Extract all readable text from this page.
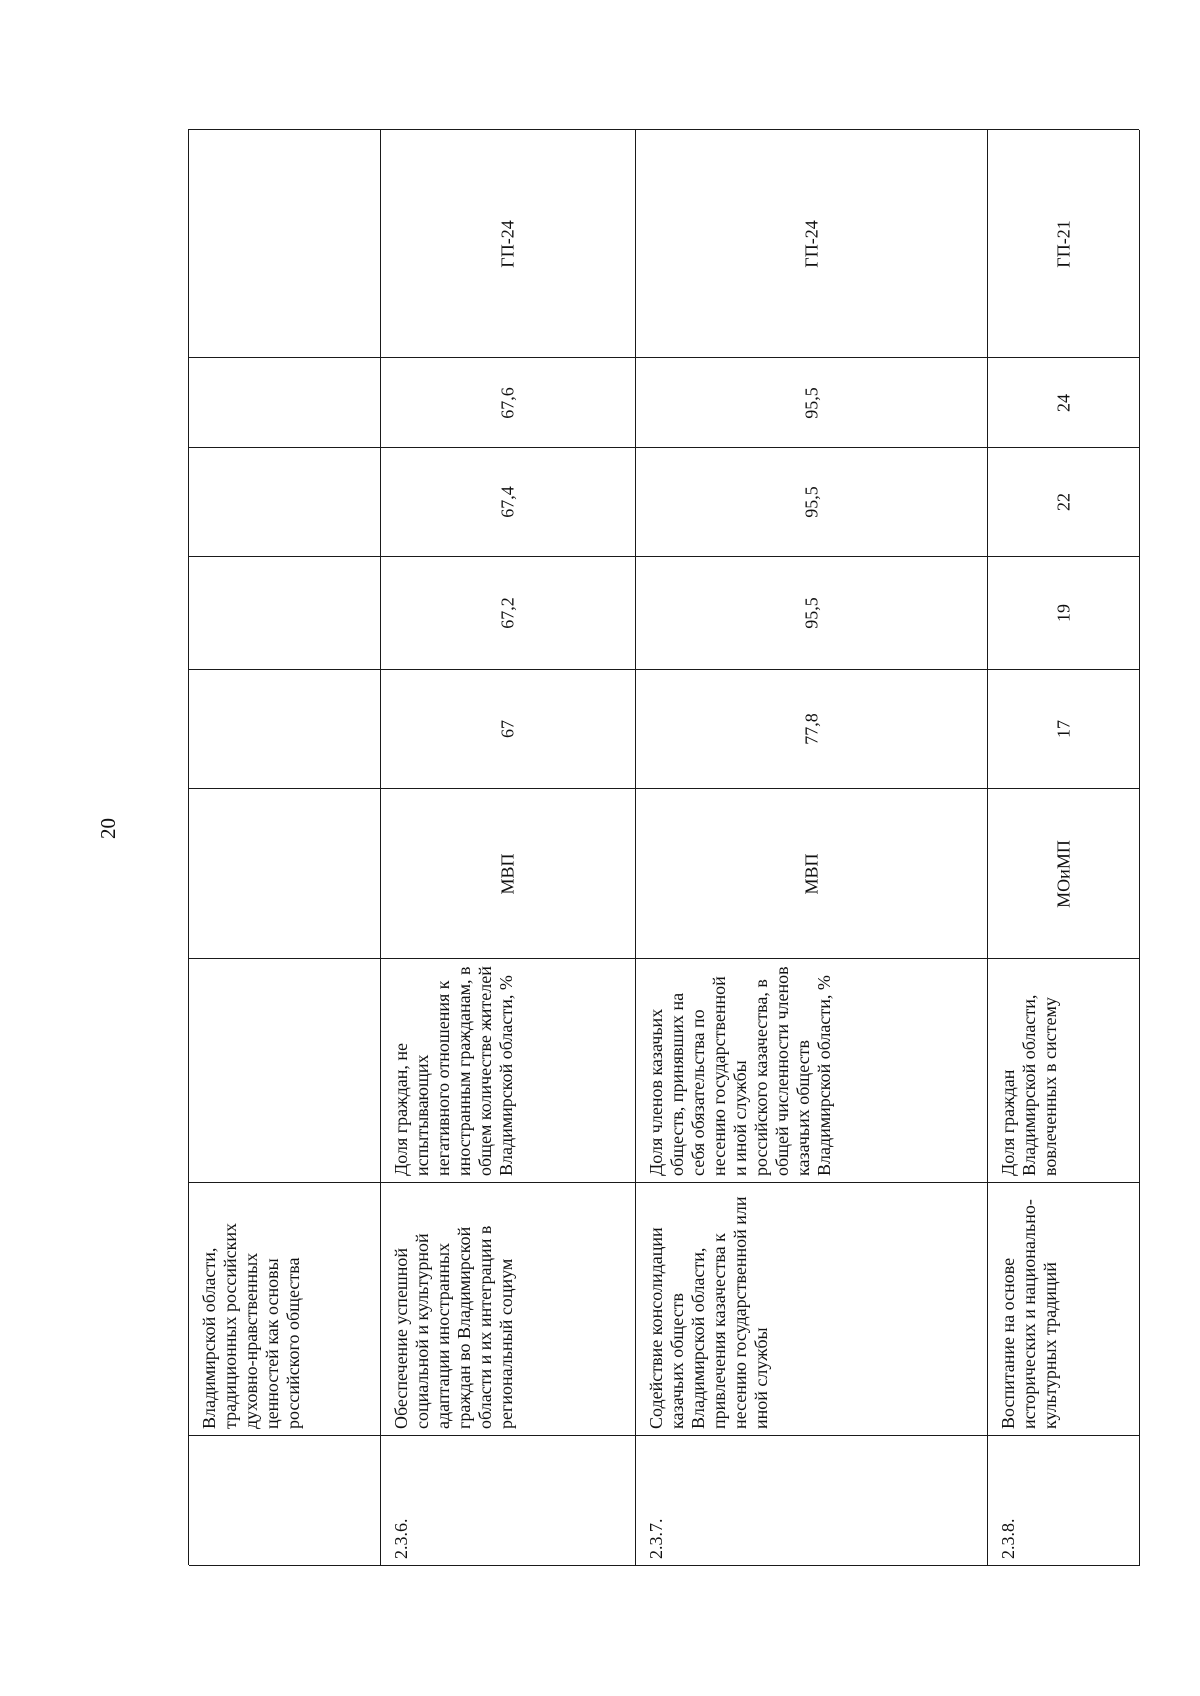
20
Владимирской области, традиционных российских духовно-нравственных ценностей как основы российского общества
2.3.6.
Обеспечение успешной социальной и культурной адаптации иностранных граждан во Владимирской области и их интеграции в региональный социум
Доля граждан, не испытывающих негативного отношения к иностранным гражданам, в общем количестве жителей Владимирской области, %
МВП
67
67,2
67,4
67,6
ГП-24
2.3.7.
Содействие консолидации казачьих обществ Владимирской области, привлечения казачества к несению государственной или иной службы
Доля членов казачьих обществ, принявших на себя обязательства по несению государственной и иной службы российского казачества, в общей численности членов казачьих обществ Владимирской области, %
МВП
77,8
95,5
95,5
95,5
ГП-24
2.3.8.
Воспитание на основе исторических и национально-культурных традиций
Доля граждан Владимирской области, вовлеченных в систему
МОиМП
17
19
22
24
ГП-21
